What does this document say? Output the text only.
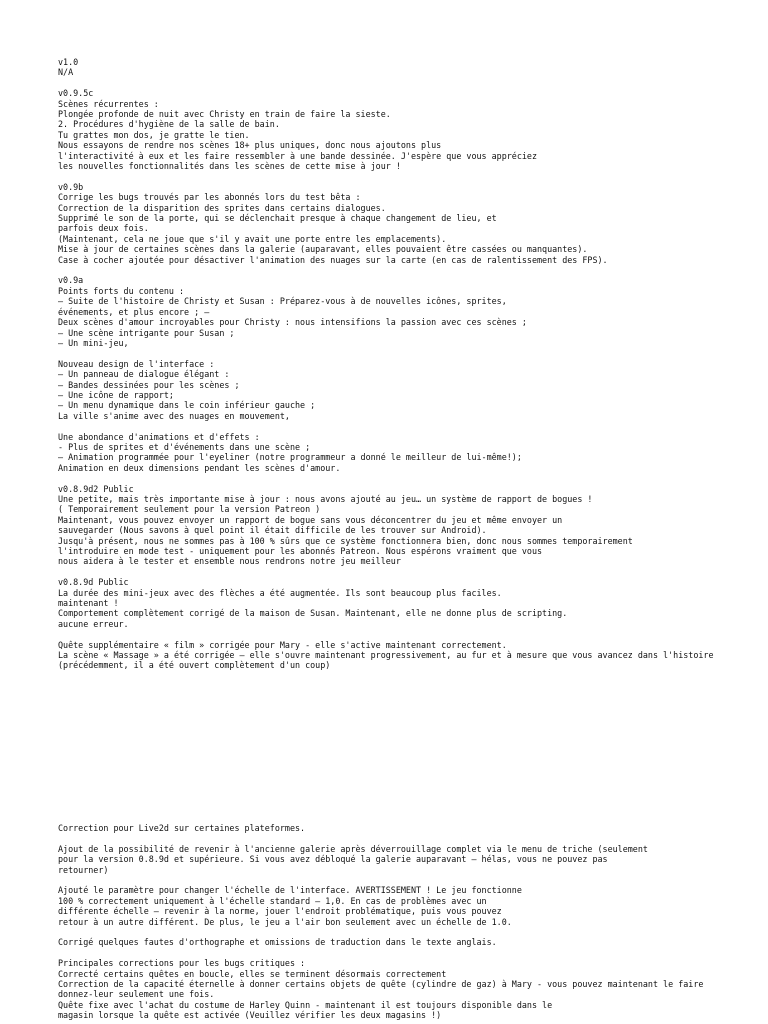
v1.0
N/A
v0.9.5c
Scènes récurrentes :
Plongée profonde de nuit avec Christy en train de faire la sieste.
2. Procédures d'hygiène de la salle de bain.
Tu grattes mon dos, je gratte le tien.
Nous essayons de rendre nos scènes 18+ plus uniques, donc nous ajoutons plus
l'interactivité à eux et les faire ressembler à une bande dessinée. J'espère que vous appréciez
les nouvelles fonctionnalités dans les scènes de cette mise à jour !
v0.9b
Corrige les bugs trouvés par les abonnés lors du test bêta :
Correction de la disparition des sprites dans certains dialogues.
Supprimé le son de la porte, qui se déclenchait presque à chaque changement de lieu, et
parfois deux fois.
(Maintenant, cela ne joue que s'il y avait une porte entre les emplacements).
Mise à jour de certaines scènes dans la galerie (auparavant, elles pouvaient être cassées ou manquantes).
Case à cocher ajoutée pour désactiver l'animation des nuages sur la carte (en cas de ralentissement des FPS).
v0.9a
Points forts du contenu :
– Suite de l'histoire de Christy et Susan : Préparez-vous à de nouvelles icônes, sprites,
événements, et plus encore ; –
Deux scènes d'amour incroyables pour Christy : nous intensifions la passion avec ces scènes ;
– Une scène intrigante pour Susan ;
– Un mini-jeu,
Nouveau design de l'interface :
– Un panneau de dialogue élégant :
– Bandes dessinées pour les scènes ;
– Une icône de rapport;
– Un menu dynamique dans le coin inférieur gauche ;
La ville s'anime avec des nuages en mouvement,
Une abondance d'animations et d'effets :
- Plus de sprites et d'événements dans une scène ;
– Animation programmée pour l'eyeliner (notre programmeur a donné le meilleur de lui-même!);
Animation en deux dimensions pendant les scènes d'amour.
v0.8.9d2 Public
Une petite, mais très importante mise à jour : nous avons ajouté au jeu… un système de rapport de bogues !
( Temporairement seulement pour la version Patreon )
Maintenant, vous pouvez envoyer un rapport de bogue sans vous déconcentrer du jeu et même envoyer un
sauvegarder (Nous savons à quel point il était difficile de les trouver sur Android).
Jusqu'à présent, nous ne sommes pas à 100 % sûrs que ce système fonctionnera bien, donc nous sommes temporairement
l'introduire en mode test - uniquement pour les abonnés Patreon. Nous espérons vraiment que vous
nous aidera à le tester et ensemble nous rendrons notre jeu meilleur
v0.8.9d Public
La durée des mini-jeux avec des flèches a été augmentée. Ils sont beaucoup plus faciles.
maintenant !
Comportement complètement corrigé de la maison de Susan. Maintenant, elle ne donne plus de scripting.
aucune erreur.
Quête supplémentaire « film » corrigée pour Mary - elle s'active maintenant correctement.
La scène « Massage » a été corrigée – elle s'ouvre maintenant progressivement, au fur et à mesure que vous avancez dans l'histoire
(précédemment, il a été ouvert complètement d'un coup)
Correction pour Live2d sur certaines plateformes.
Ajout de la possibilité de revenir à l'ancienne galerie après déverrouillage complet via le menu de triche (seulement
pour la version 0.8.9d et supérieure. Si vous avez débloqué la galerie auparavant – hélas, vous ne pouvez pas
retourner)
Ajouté le paramètre pour changer l'échelle de l'interface. AVERTISSEMENT ! Le jeu fonctionne
100 % correctement uniquement à l'échelle standard – 1,0. En cas de problèmes avec un
différente échelle – revenir à la norme, jouer l'endroit problématique, puis vous pouvez
retour à un autre différent. De plus, le jeu a l'air bon seulement avec un échelle de 1.0.
Corrigé quelques fautes d'orthographe et omissions de traduction dans le texte anglais.
Principales corrections pour les bugs critiques :
Correcté certains quêtes en boucle, elles se terminent désormais correctement
Correction de la capacité éternelle à donner certains objets de quête (cylindre de gaz) à Mary - vous pouvez maintenant le faire
donnez-leur seulement une fois.
Quête fixe avec l'achat du costume de Harley Quinn - maintenant il est toujours disponible dans le
magasin lorsque la quête est activée (Veuillez vérifier les deux magasins !)
